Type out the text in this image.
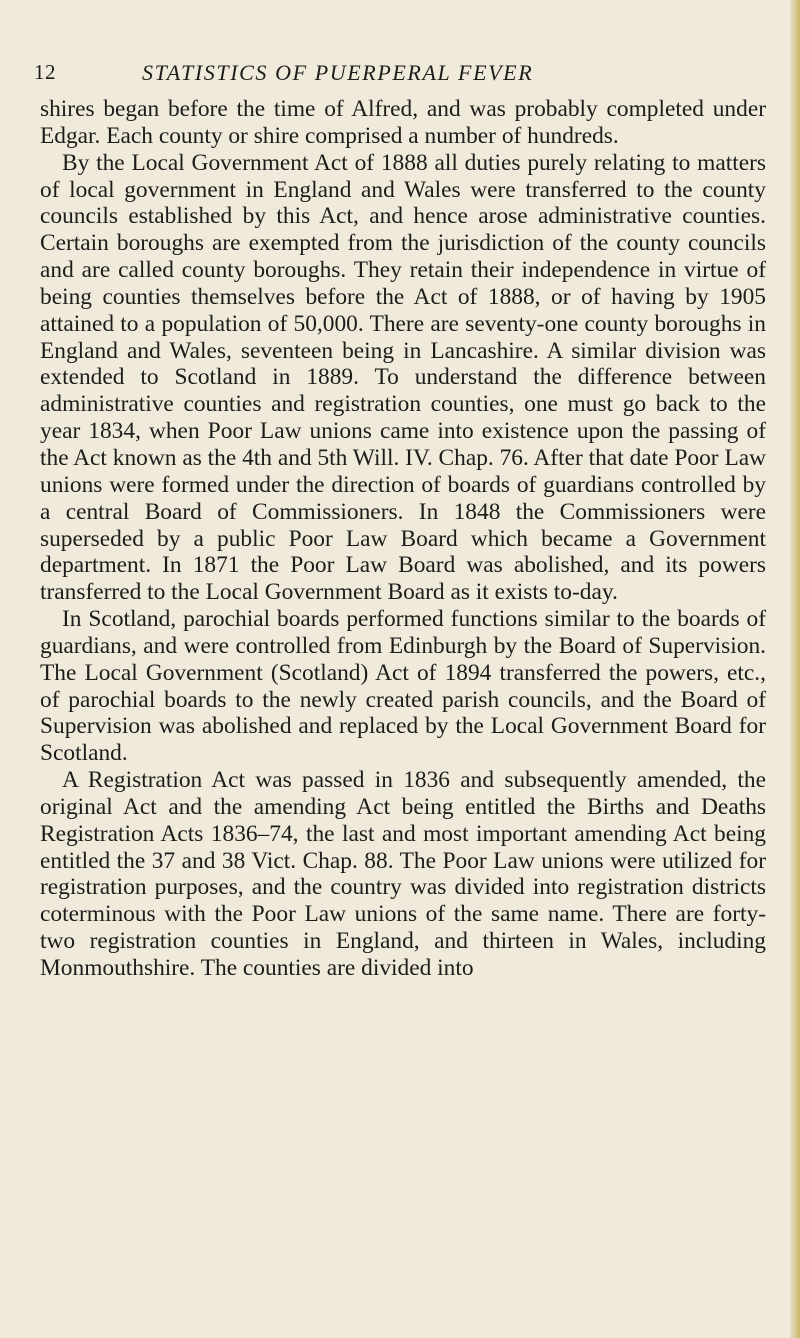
12	STATISTICS OF PUERPERAL FEVER

shires began before the time of Alfred, and was probably completed under Edgar. Each county or shire comprised a number of hundreds.

By the Local Government Act of 1888 all duties purely relating to matters of local government in England and Wales were transferred to the county councils established by this Act, and hence arose administrative counties. Certain boroughs are exempted from the jurisdiction of the county councils and are called county boroughs. They retain their independence in virtue of being counties themselves before the Act of 1888, or of having by 1905 attained to a population of 50,000. There are seventy-one county boroughs in England and Wales, seventeen being in Lancashire. A similar division was extended to Scotland in 1889. To understand the difference between administrative counties and registration counties, one must go back to the year 1834, when Poor Law unions came into existence upon the passing of the Act known as the 4th and 5th Will. IV. Chap. 76. After that date Poor Law unions were formed under the direction of boards of guardians controlled by a central Board of Commissioners. In 1848 the Commissioners were superseded by a public Poor Law Board which became a Government department. In 1871 the Poor Law Board was abolished, and its powers transferred to the Local Government Board as it exists to-day.

In Scotland, parochial boards performed functions similar to the boards of guardians, and were controlled from Edinburgh by the Board of Supervision. The Local Government (Scotland) Act of 1894 transferred the powers, etc., of parochial boards to the newly created parish councils, and the Board of Supervision was abolished and replaced by the Local Government Board for Scotland.

A Registration Act was passed in 1836 and subsequently amended, the original Act and the amending Act being entitled the Births and Deaths Registration Acts 1836–74, the last and most important amending Act being entitled the 37 and 38 Vict. Chap. 88. The Poor Law unions were utilized for registration purposes, and the country was divided into registration districts coterminous with the Poor Law unions of the same name. There are forty-two registration counties in England, and thirteen in Wales, including Monmouthshire. The counties are divided into
